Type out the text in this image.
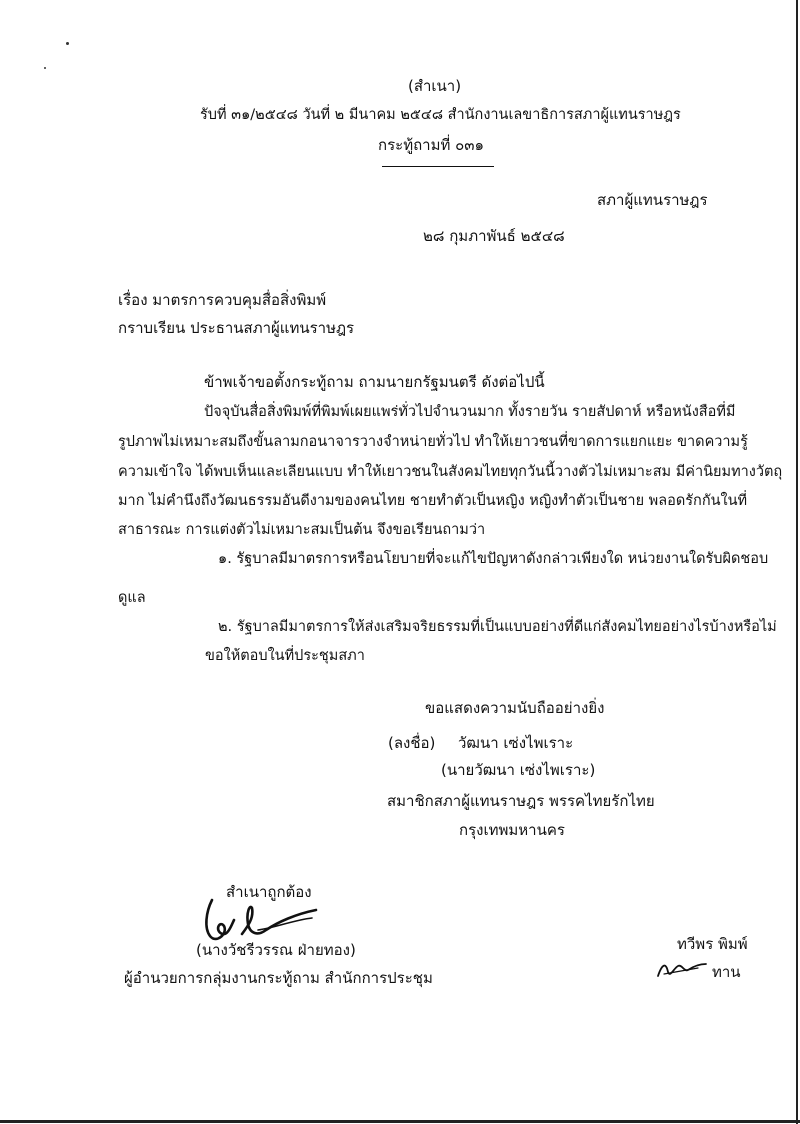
(สำเนา)
รับที่ ๓๑/๒๕๔๘ วันที่ ๒ มีนาคม ๒๕๔๘ สำนักงานเลขาธิการสภาผู้แทนราษฎร
กระทู้ถามที่ ๐๓๑
สภาผู้แทนราษฎร
๒๘ กุมภาพันธ์ ๒๕๔๘
เรื่อง มาตรการควบคุมสื่อสิ่งพิมพ์
กราบเรียน ประธานสภาผู้แทนราษฎร
ข้าพเจ้าขอตั้งกระทู้ถาม ถามนายกรัฐมนตรี ดังต่อไปนี้
ปัจจุบันสื่อสิ่งพิมพ์ที่พิมพ์เผยแพร่ทั่วไปจำนวนมาก ทั้งรายวัน รายสัปดาห์ หรือหนังสือที่มี
รูปภาพไม่เหมาะสมถึงขั้นลามกอนาจารวางจำหน่ายทั่วไป ทำให้เยาวชนที่ขาดการแยกแยะ ขาดความรู้
ความเข้าใจ ได้พบเห็นและเลียนแบบ ทำให้เยาวชนในสังคมไทยทุกวันนี้วางตัวไม่เหมาะสม มีค่านิยมทางวัตถุ
มาก ไม่คำนึงถึงวัฒนธรรมอันดีงามของคนไทย ชายทำตัวเป็นหญิง หญิงทำตัวเป็นชาย พลอดรักกันในที่
สาธารณะ การแต่งตัวไม่เหมาะสมเป็นต้น จึงขอเรียนถามว่า
๑. รัฐบาลมีมาตรการหรือนโยบายที่จะแก้ไขปัญหาดังกล่าวเพียงใด หน่วยงานใดรับผิดชอบ
ดูแล
๒. รัฐบาลมีมาตรการให้ส่งเสริมจริยธรรมที่เป็นแบบอย่างที่ดีแก่สังคมไทยอย่างไรบ้างหรือไม่
ขอให้ตอบในที่ประชุมสภา
ขอแสดงความนับถืออย่างยิ่ง
(ลงชื่อ) วัฒนา เซ่งไพเราะ
(นายวัฒนา เซ่งไพเราะ)
สมาชิกสภาผู้แทนราษฎร พรรคไทยรักไทย
กรุงเทพมหานคร
สำเนาถูกต้อง
(นางวัชรีวรรณ ฝ่ายทอง)
ผู้อำนวยการกลุ่มงานกระทู้ถาม สำนักการประชุม
ทวีพร พิมพ์
ทาน
